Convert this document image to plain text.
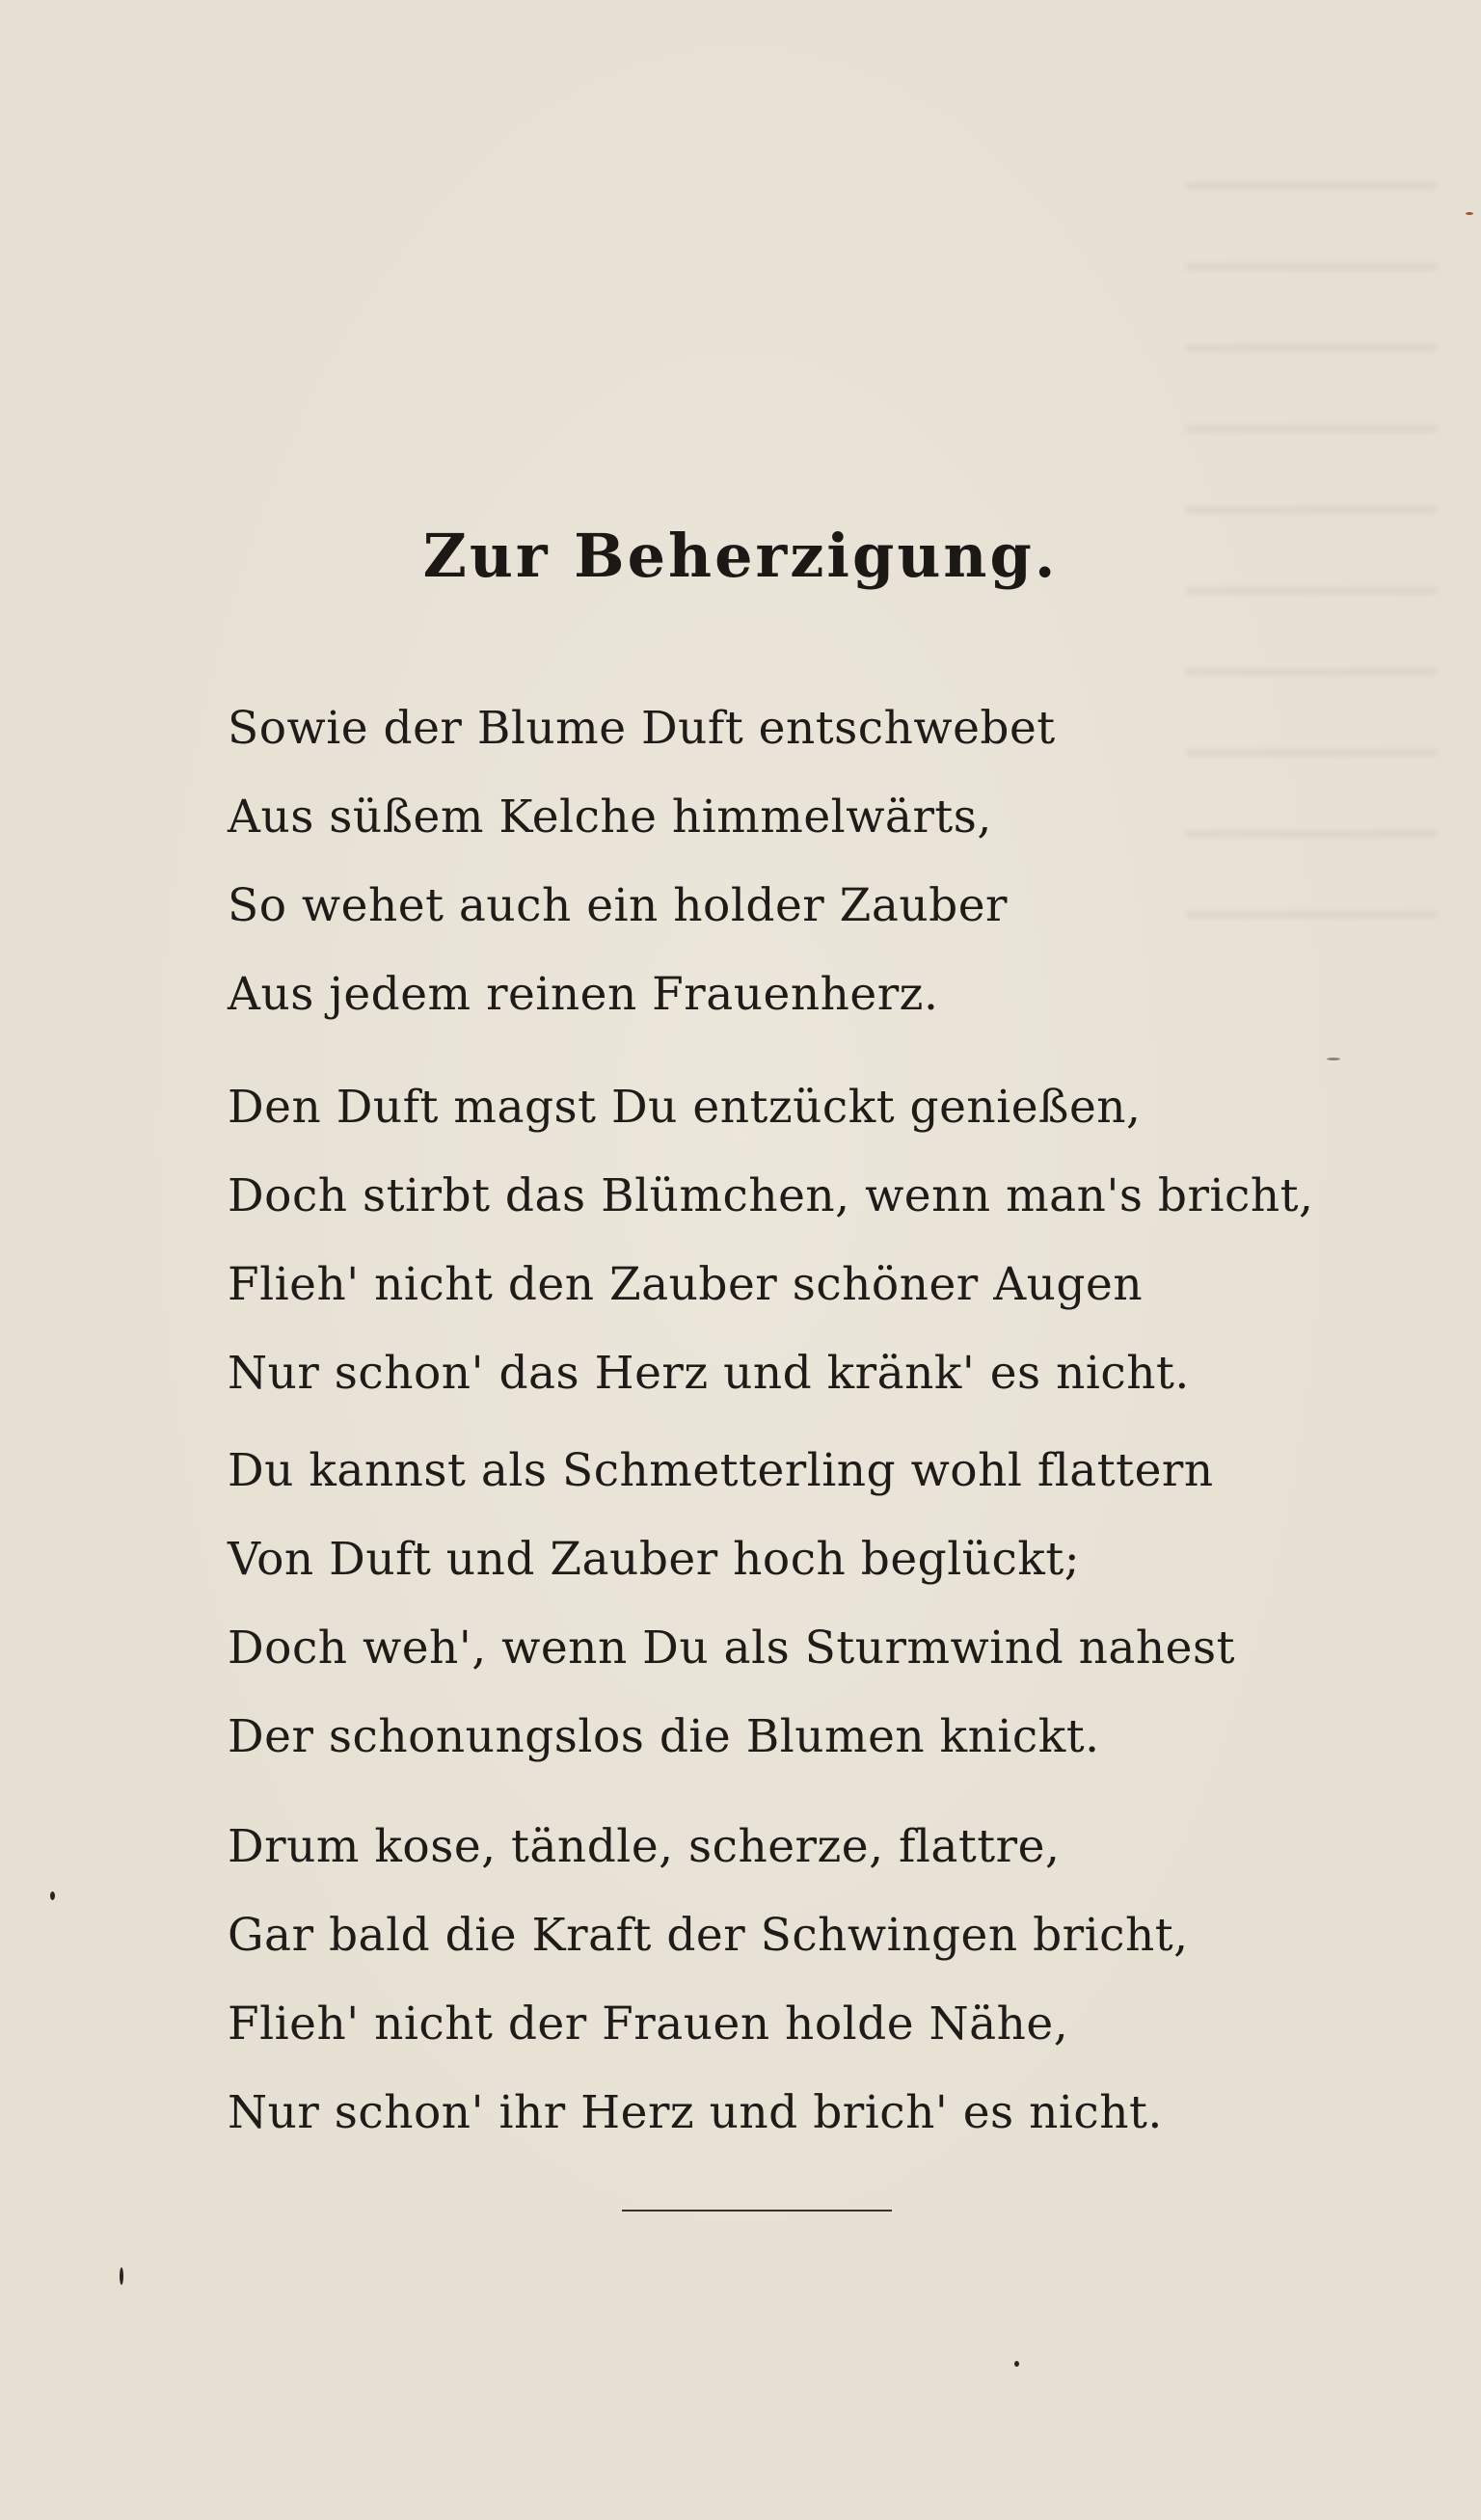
Zur Beherzigung.
Sowie der Blume Duft entschwebet
Aus süßem Kelche himmelwärts,
So wehet auch ein holder Zauber
Aus jedem reinen Frauenherz.
Den Duft magst Du entzückt genießen,
Doch stirbt das Blümchen, wenn man's bricht,
Flieh' nicht den Zauber schöner Augen
Nur schon' das Herz und kränk' es nicht.
Du kannst als Schmetterling wohl flattern
Von Duft und Zauber hoch beglückt;
Doch weh', wenn Du als Sturmwind nahest
Der schonungslos die Blumen knickt.
Drum kose, tändle, scherze, flattre,
Gar bald die Kraft der Schwingen bricht,
Flieh' nicht der Frauen holde Nähe,
Nur schon' ihr Herz und brich' es nicht.
